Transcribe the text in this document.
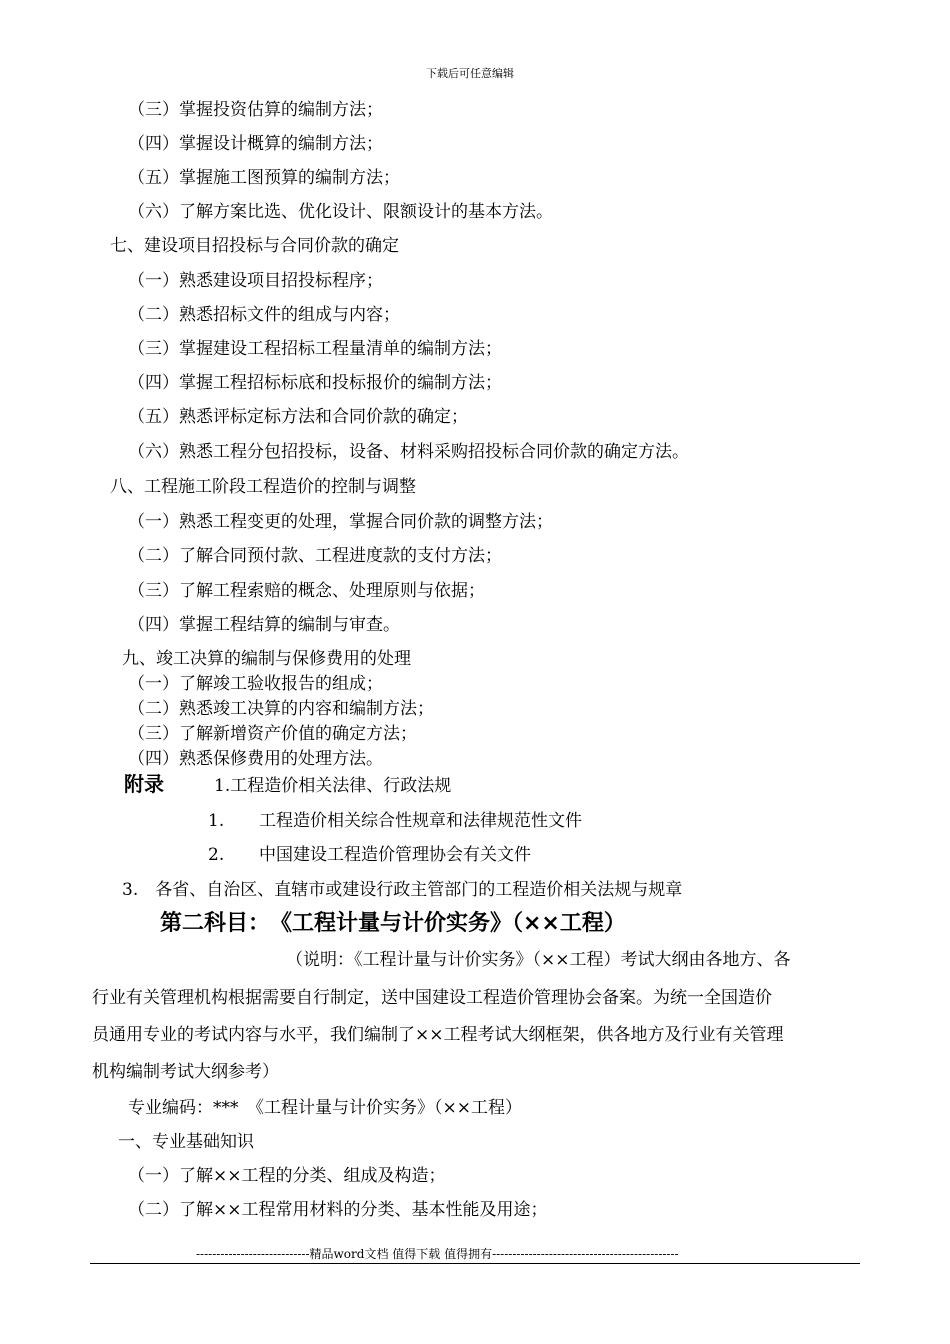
下载后可任意编辑
（三）掌握投资估算的编制方法；
（四）掌握设计概算的编制方法；
（五）掌握施工图预算的编制方法；
（六）了解方案比选、优化设计、限额设计的基本方法。
七、建设项目招投标与合同价款的确定
（一）熟悉建设项目招投标程序；
（二）熟悉招标文件的组成与内容；
（三）掌握建设工程招标工程量清单的编制方法；
（四）掌握工程招标标底和投标报价的编制方法；
（五）熟悉评标定标方法和合同价款的确定；
（六）熟悉工程分包招投标，设备、材料采购招投标合同价款的确定方法。
八、工程施工阶段工程造价的控制与调整
（一）熟悉工程变更的处理，掌握合同价款的调整方法；
（二）了解合同预付款、工程进度款的支付方法；
（三）了解工程索赔的概念、处理原则与依据；
（四）掌握工程结算的编制与审查。
九、竣工决算的编制与保修费用的处理
（一）了解竣工验收报告的组成；
（二）熟悉竣工决算的内容和编制方法；
（三）了解新增资产价值的确定方法；
（四）熟悉保修费用的处理方法。
附录	1.工程造价相关法律、行政法规
1. 工程造价相关综合性规章和法律规范性文件
2. 中国建设工程造价管理协会有关文件
3.　各省、自治区、直辖市或建设行政主管部门的工程造价相关法规与规章
第二科目：　《工程计量与计价实务》（××工程）
（说明：《工程计量与计价实务》（××工程）考试大纲由各地方、各
行业有关管理机构根据需要自行制定，送中国建设工程造价管理协会备案。为统一全国造价
员通用专业的考试内容与水平，我们编制了××工程考试大纲框架，供各地方及行业有关管理
机构编制考试大纲参考）
专业编码：***　《工程计量与计价实务》（××工程）
一、专业基础知识
（一）了解××工程的分类、组成及构造；
（二）了解××工程常用材料的分类、基本性能及用途；
----------------------------精品word文档 值得下载 值得拥有----------------------------------------------
